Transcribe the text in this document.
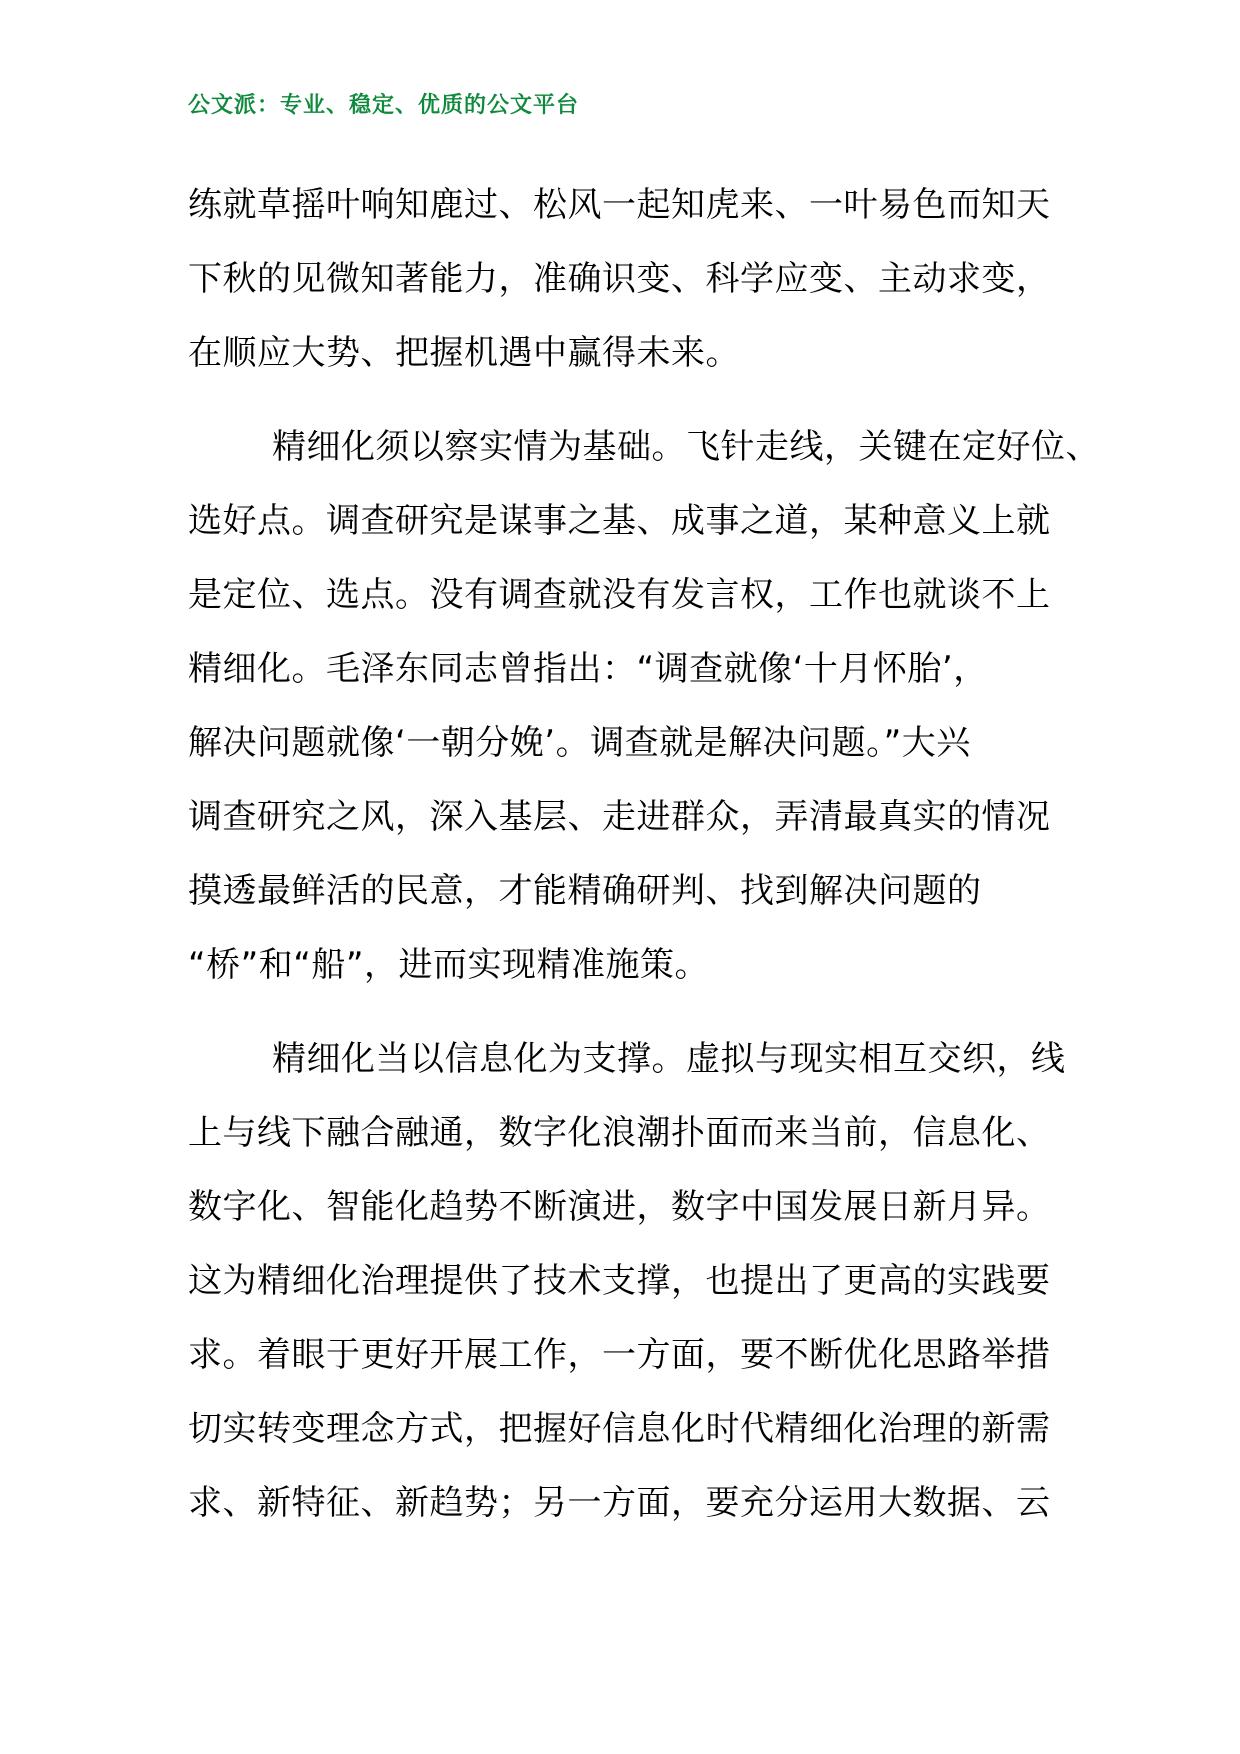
公文派：专业、稳定、优质的公文平台
练就草摇叶响知鹿过、松风一起知虎来、一叶易色而知天
下秋的见微知著能力，准确识变、科学应变、主动求变，
在顺应大势、把握机遇中赢得未来。
精细化须以察实情为基础。飞针走线，关键在定好位、
选好点。调查研究是谋事之基、成事之道，某种意义上就
是定位、选点。没有调查就没有发言权，工作也就谈不上
精细化。毛泽东同志曾指出：“调查就像‘十月怀胎’，
解决问题就像‘一朝分娩’。调查就是解决问题。”大兴
调查研究之风，深入基层、走进群众，弄清最真实的情况
摸透最鲜活的民意，才能精确研判、找到解决问题的
“桥”和“船”，进而实现精准施策。
精细化当以信息化为支撑。虚拟与现实相互交织，线
上与线下融合融通，数字化浪潮扑面而来当前，信息化、
数字化、智能化趋势不断演进，数字中国发展日新月异。
这为精细化治理提供了技术支撑，也提出了更高的实践要
求。着眼于更好开展工作，一方面，要不断优化思路举措
切实转变理念方式，把握好信息化时代精细化治理的新需
求、新特征、新趋势；另一方面，要充分运用大数据、云
